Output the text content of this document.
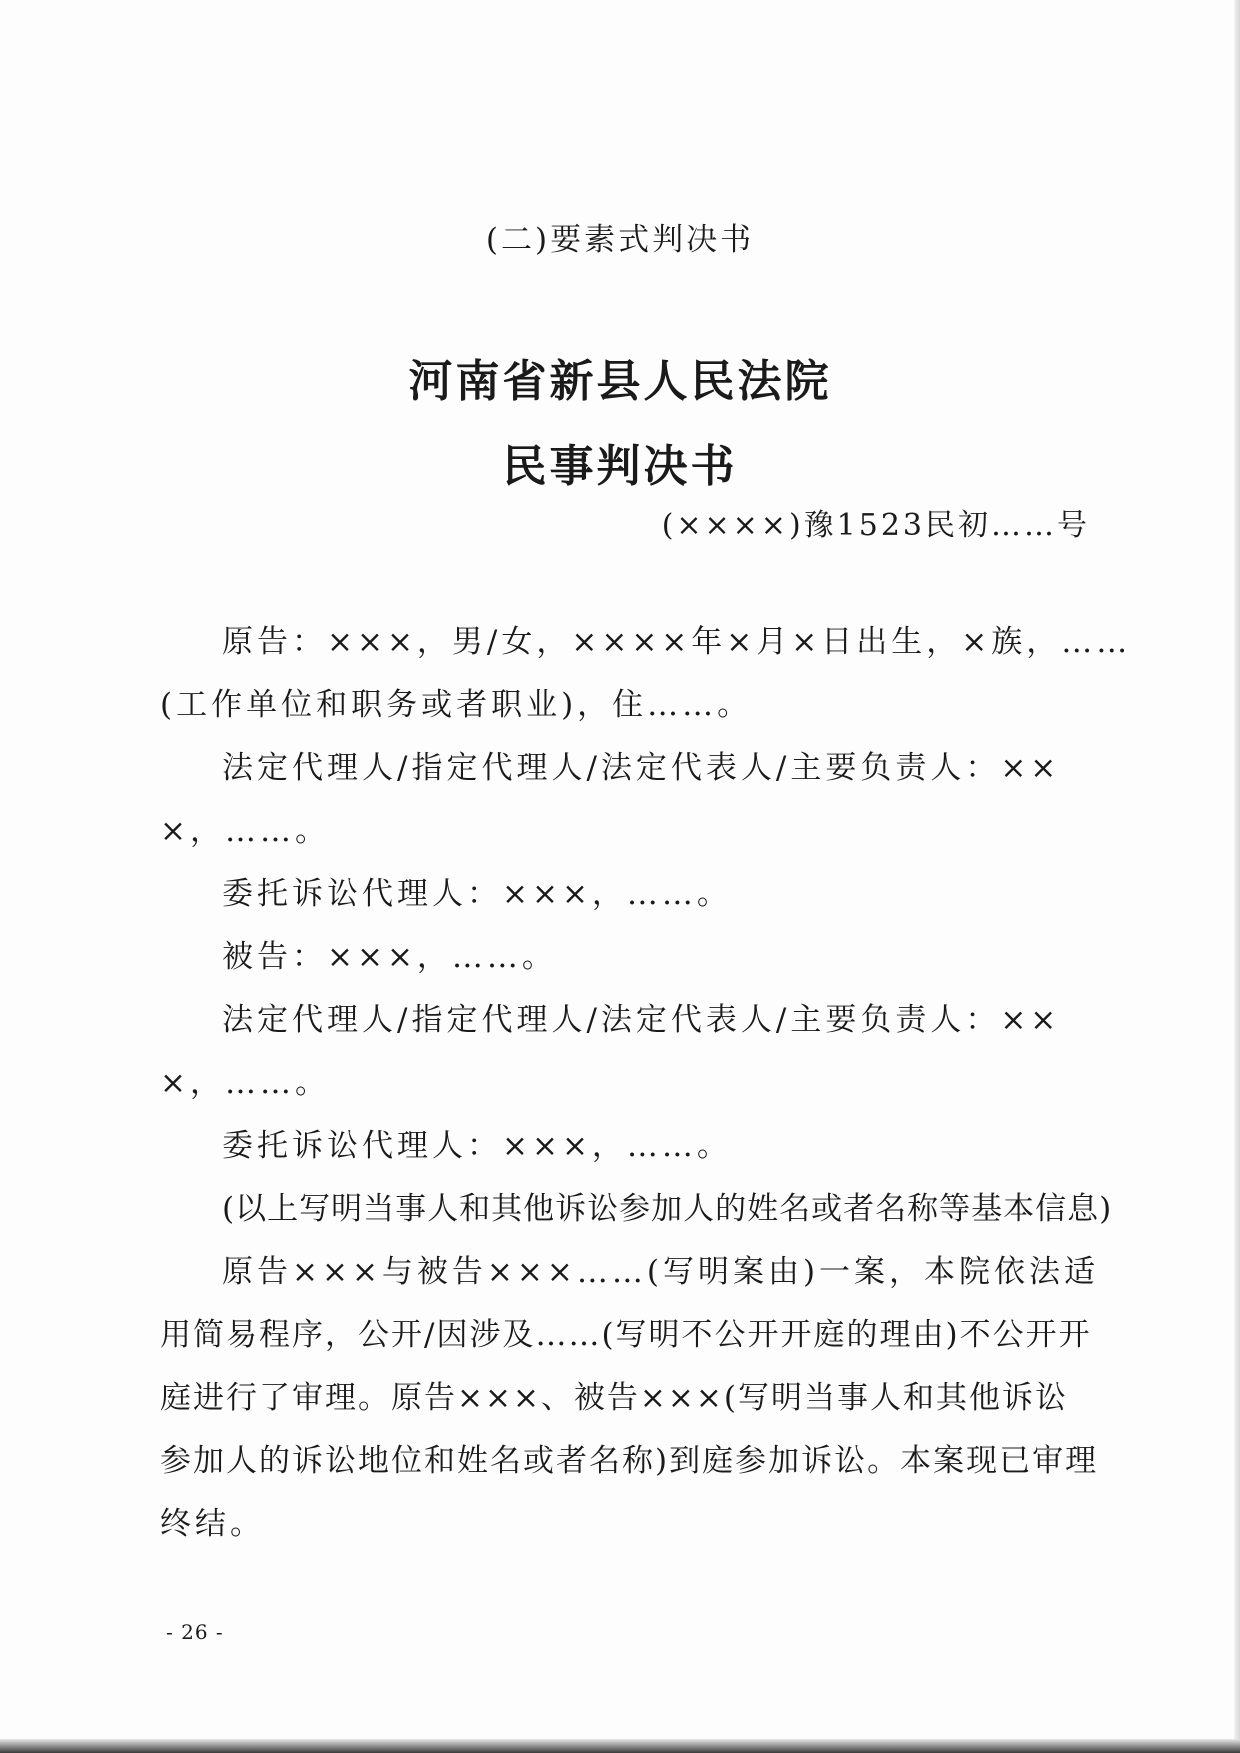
(二)要素式判决书
河南省新县人民法院
民事判决书
(××××)豫1523民初……号
原告：×××，男/女，××××年×月×日出生，×族，……
(工作单位和职务或者职业)，住……。
法定代理人/指定代理人/法定代表人/主要负责人：××
×，……。
委托诉讼代理人：×××，……。
被告：×××，……。
法定代理人/指定代理人/法定代表人/主要负责人：××
×，……。
委托诉讼代理人：×××，……。
(以上写明当事人和其他诉讼参加人的姓名或者名称等基本信息)
原告×××与被告×××……(写明案由)一案，本院依法适
用简易程序，公开/因涉及……(写明不公开开庭的理由)不公开开
庭进行了审理。原告×××、被告×××(写明当事人和其他诉讼
参加人的诉讼地位和姓名或者名称)到庭参加诉讼。本案现已审理
终结。
- 26 -
